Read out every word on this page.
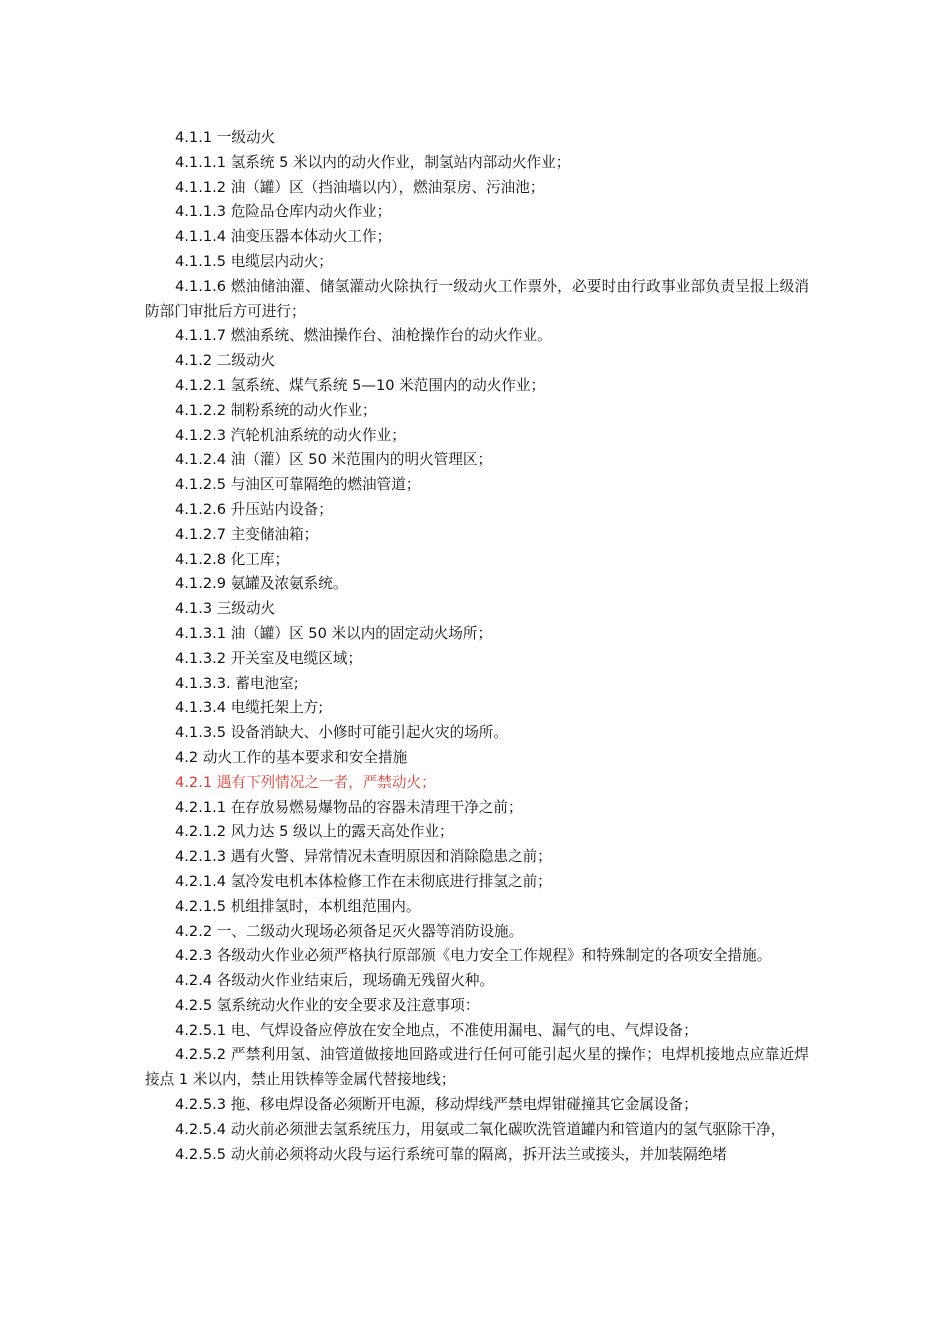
4.1.1 一级动火

4.1.1.1 氢系统 5 米以内的动火作业，制氢站内部动火作业；

4.1.1.2 油（罐）区（挡油墙以内），燃油泵房、污油池；

4.1.1.3 危险品仓库内动火作业；

4.1.1.4 油变压器本体动火工作；

4.1.1.5 电缆层内动火；

4.1.1.6 燃油储油灌、储氢灌动火除执行一级动火工作票外，必要时由行政事业部负责呈报上级消防部门审批后方可进行；

4.1.1.7 燃油系统、燃油操作台、油枪操作台的动火作业。

4.1.2 二级动火

4.1.2.1 氢系统、煤气系统 5—10 米范围内的动火作业；

4.1.2.2 制粉系统的动火作业；

4.1.2.3 汽轮机油系统的动火作业；

4.1.2.4 油（灌）区 50 米范围内的明火管理区；

4.1.2.5 与油区可靠隔绝的燃油管道；

4.1.2.6 升压站内设备；

4.1.2.7 主变储油箱；

4.1.2.8 化工库；

4.1.2.9 氨罐及浓氨系统。

4.1.3 三级动火

4.1.3.1 油（罐）区 50 米以内的固定动火场所；

4.1.3.2 开关室及电缆区域；

4.1.3.3. 蓄电池室;

4.1.3.4 电缆托架上方;

4.1.3.5 设备消缺大、小修时可能引起火灾的场所。

4.2 动火工作的基本要求和安全措施

4.2.1 遇有下列情况之一者，严禁动火；

4.2.1.1 在存放易燃易爆物品的容器未清理干净之前；

4.2.1.2 风力达 5 级以上的露天高处作业；

4.2.1.3 遇有火警、异常情况未查明原因和消除隐患之前；

4.2.1.4 氢冷发电机本体检修工作在未彻底进行排氢之前；

4.2.1.5 机组排氢时，本机组范围内。

4.2.2 一、二级动火现场必须备足灭火器等消防设施。

4.2.3 各级动火作业必须严格执行原部颁《电力安全工作规程》和特殊制定的各项安全措施。

4.2.4 各级动火作业结束后，现场确无残留火种。

4.2.5 氢系统动火作业的安全要求及注意事项：

4.2.5.1 电、气焊设备应停放在安全地点，不准使用漏电、漏气的电、气焊设备；

4.2.5.2 严禁利用氢、油管道做接地回路或进行任何可能引起火星的操作；电焊机接地点应靠近焊接点 1 米以内，禁止用铁棒等金属代替接地线；

4.2.5.3 拖、移电焊设备必须断开电源，移动焊线严禁电焊钳碰撞其它金属设备；

4.2.5.4 动火前必须泄去氢系统压力，用氨或二氧化碳吹洗管道罐内和管道内的氢气驱除干净，

4.2.5.5 动火前必须将动火段与运行系统可靠的隔离，拆开法兰或接头，并加装隔绝堵
